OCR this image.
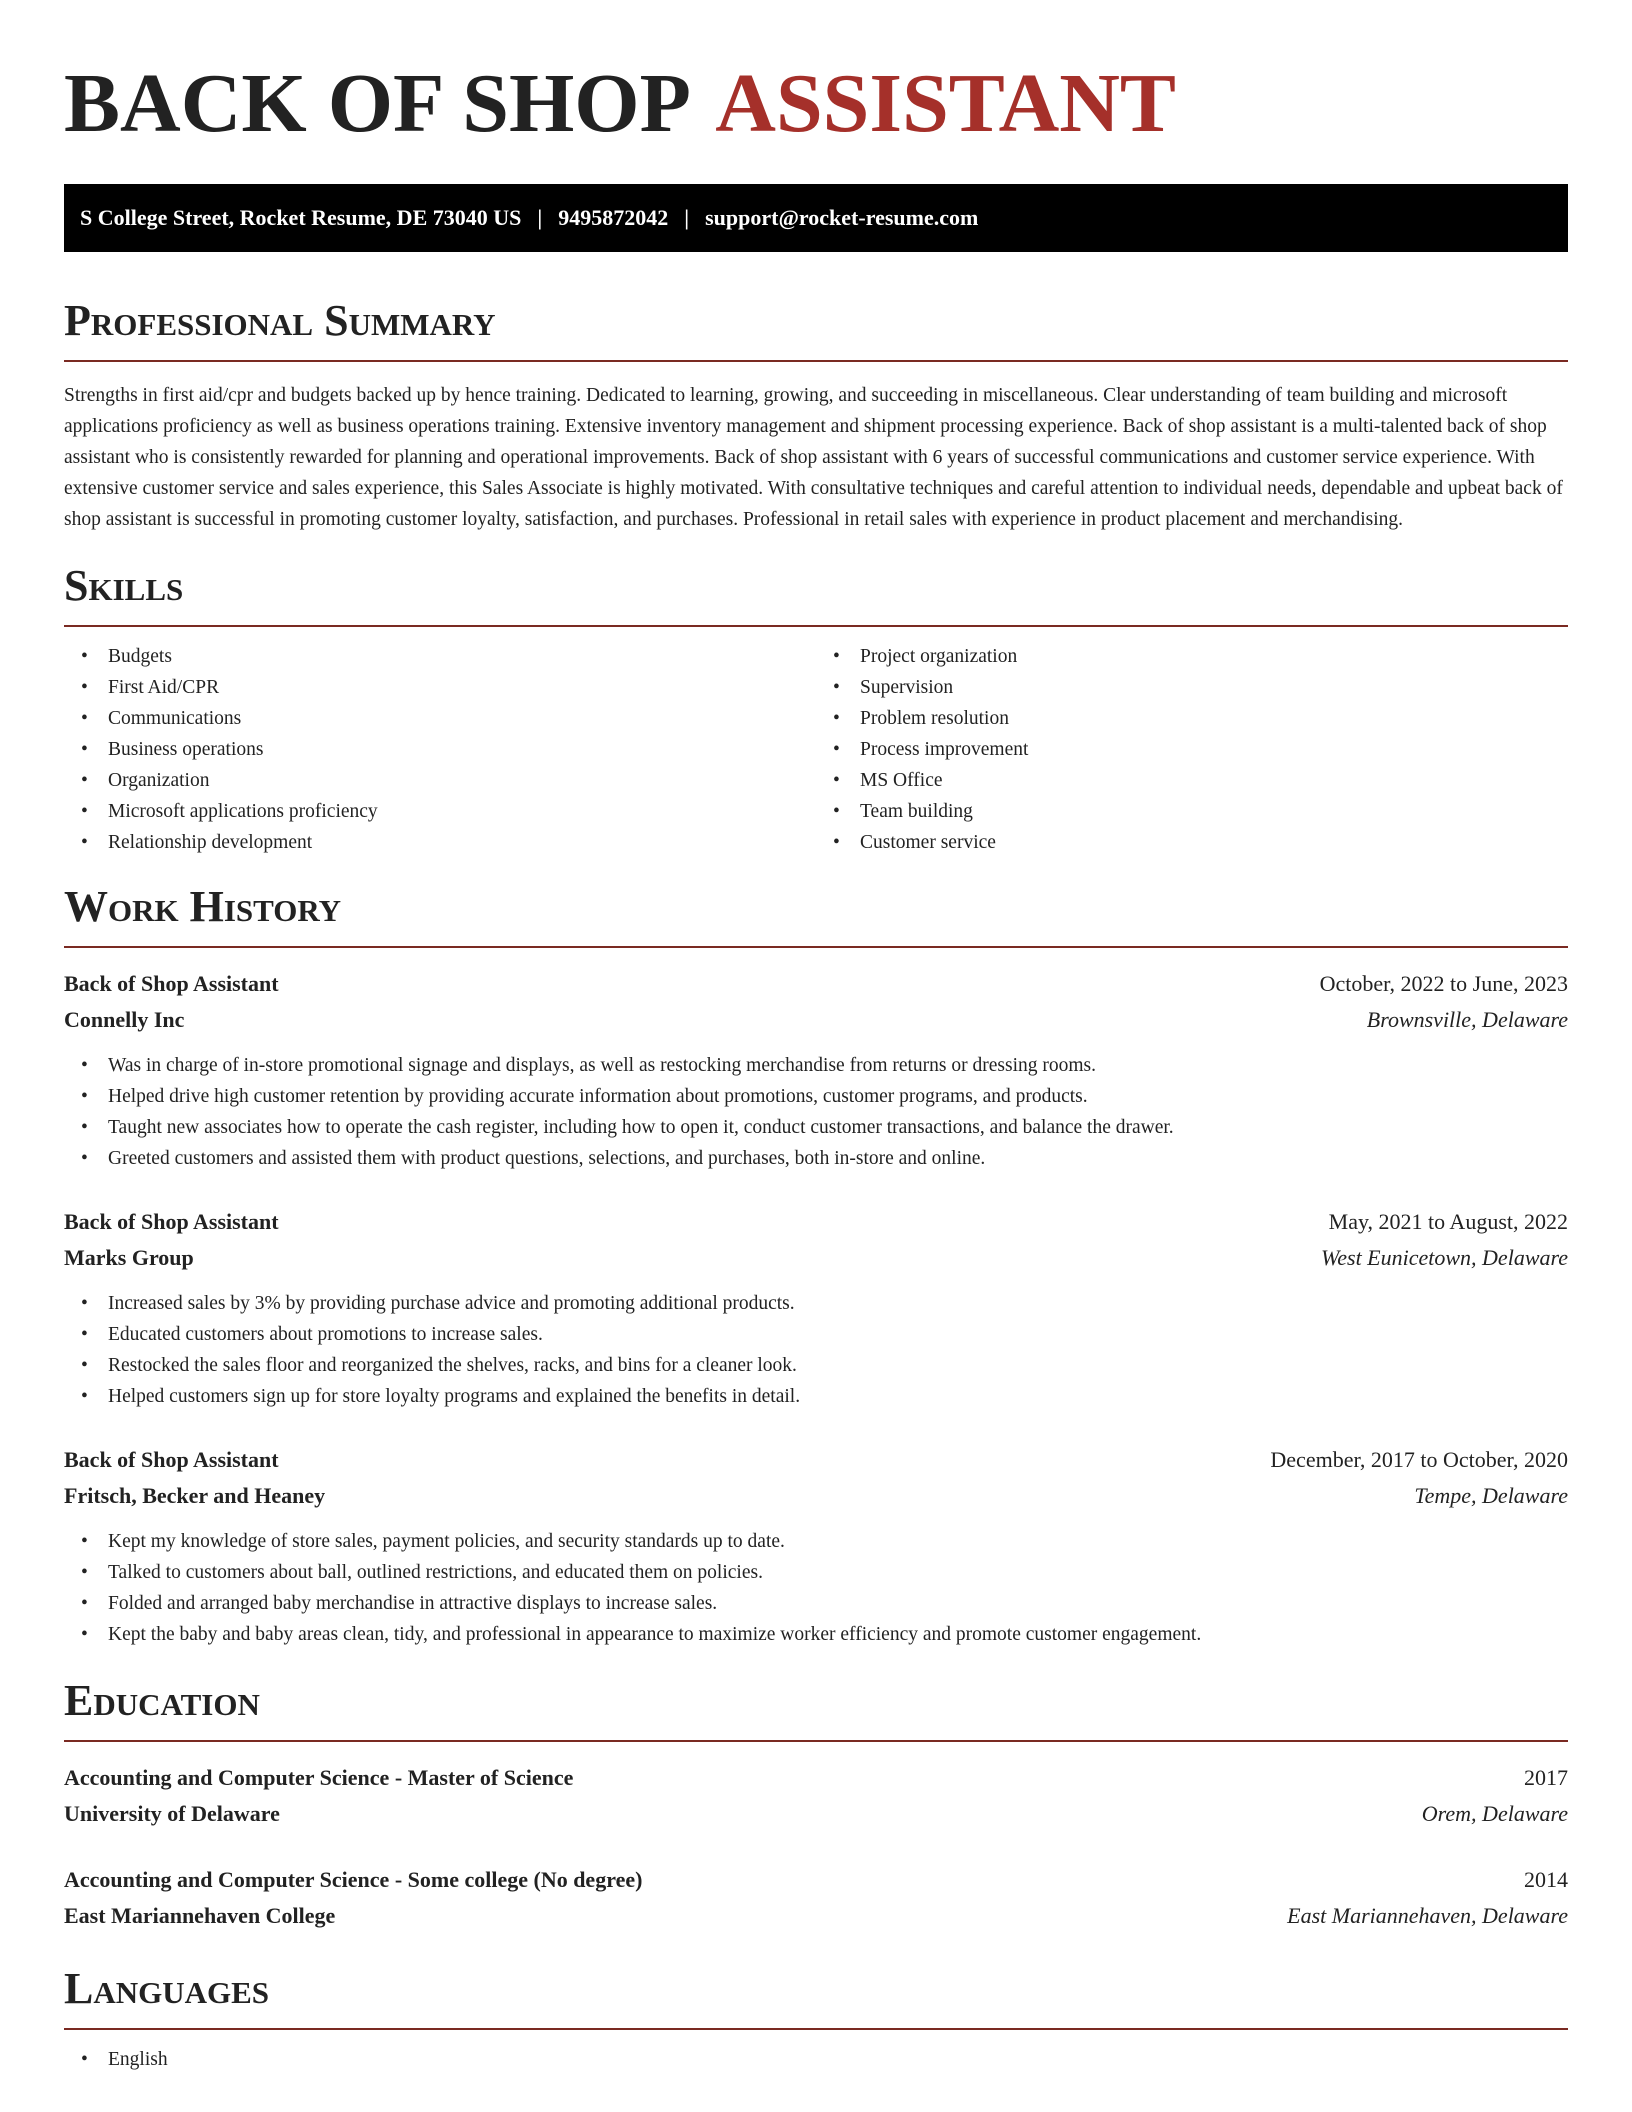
BACK OF SHOP ASSISTANT
S College Street, Rocket Resume, DE 73040 US | 9495872042 | support@rocket-resume.com
Professional Summary

Strengths in first aid/cpr and budgets backed up by hence training. Dedicated to learning, growing, and succeeding in miscellaneous. Clear understanding of team building and microsoft applications proficiency as well as business operations training. Extensive inventory management and shipment processing experience. Back of shop assistant is a multi-talented back of shop assistant who is consistently rewarded for planning and operational improvements. Back of shop assistant with 6 years of successful communications and customer service experience. With extensive customer service and sales experience, this Sales Associate is highly motivated. With consultative techniques and careful attention to individual needs, dependable and upbeat back of shop assistant is successful in promoting customer loyalty, satisfaction, and purchases. Professional in retail sales with experience in product placement and merchandising.

Skills
• Budgets
• First Aid/CPR
• Communications
• Business operations
• Organization
• Microsoft applications proficiency
• Relationship development
• Project organization
• Supervision
• Problem resolution
• Process improvement
• MS Office
• Team building
• Customer service
Work History
Back of Shop Assistant	October, 2022 to June, 2023
Connelly Inc	Brownsville, Delaware
• Was in charge of in-store promotional signage and displays, as well as restocking merchandise from returns or dressing rooms.
• Helped drive high customer retention by providing accurate information about promotions, customer programs, and products.
• Taught new associates how to operate the cash register, including how to open it, conduct customer transactions, and balance the drawer.
• Greeted customers and assisted them with product questions, selections, and purchases, both in-store and online.
Back of Shop Assistant	May, 2021 to August, 2022
Marks Group	West Eunicetown, Delaware
• Increased sales by 3% by providing purchase advice and promoting additional products.
• Educated customers about promotions to increase sales.
• Restocked the sales floor and reorganized the shelves, racks, and bins for a cleaner look.
• Helped customers sign up for store loyalty programs and explained the benefits in detail.
Back of Shop Assistant	December, 2017 to October, 2020
Fritsch, Becker and Heaney	Tempe, Delaware
• Kept my knowledge of store sales, payment policies, and security standards up to date.
• Talked to customers about ball, outlined restrictions, and educated them on policies.
• Folded and arranged baby merchandise in attractive displays to increase sales.
• Kept the baby and baby areas clean, tidy, and professional in appearance to maximize worker efficiency and promote customer engagement.
Education
Accounting and Computer Science - Master of Science	2017
University of Delaware	Orem, Delaware
Accounting and Computer Science - Some college (No degree)	2014
East Mariannehaven College	East Mariannehaven, Delaware
Languages
• English
